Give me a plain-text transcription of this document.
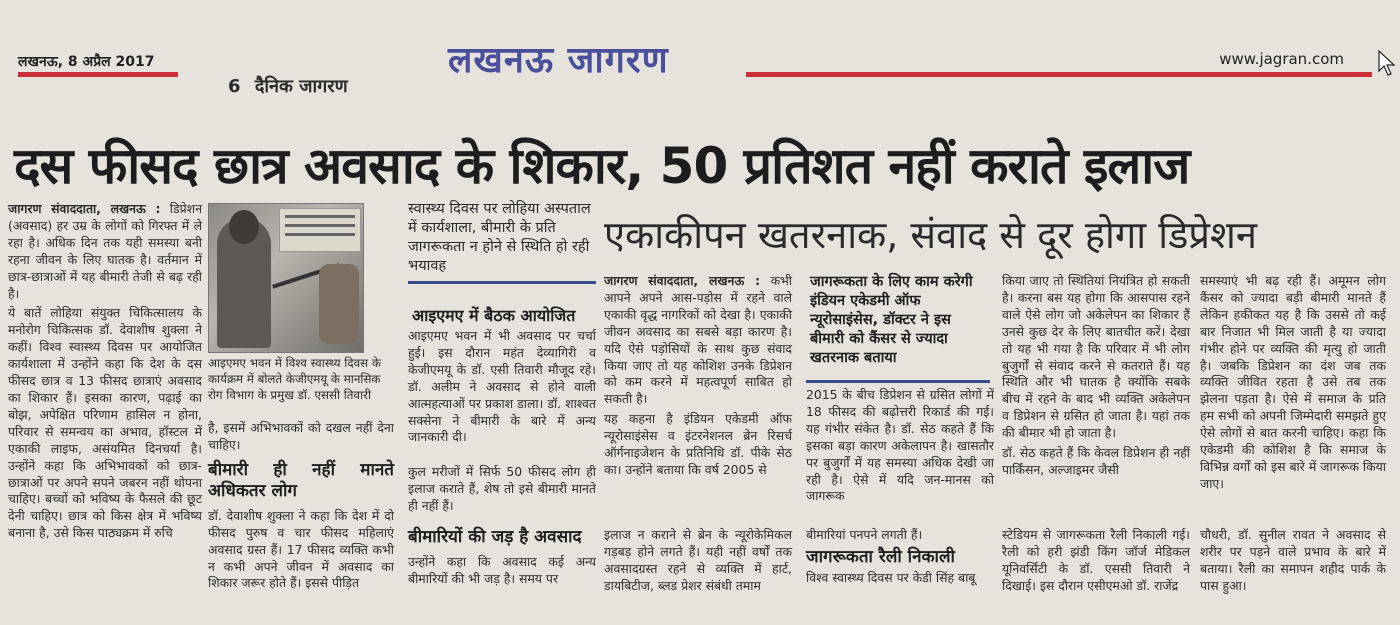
लखनऊ, 8 अप्रैल 2017	लखनऊ जागरण	www.jagran.com
6 दैनिक जागरण
दस फीसद छात्र अवसाद के शिकार, 50 प्रतिशत नहीं कराते इलाज
एकाकीपन खतरनाक, संवाद से दूर होगा डिप्रेशन

जागरण संवाददाता, लखनऊ : डिप्रेशन (अवसाद) हर उम्र के लोगों को गिरफ्त में ले रहा है। अधिक दिन तक यही समस्या बनी रहना जीवन के लिए घातक है। वर्तमान में छात्र-छात्राओं में यह बीमारी तेजी से बढ़ रही है।

ये बातें लोहिया संयुक्त चिकित्सालय के मनोरोग चिकित्सक डॉ. देवाशीष शुक्ला ने कहीं। विश्व स्वास्थ्य दिवस पर आयोजित कार्यशाला में उन्होंने कहा कि देश के दस फीसद छात्र व 13 फीसद छात्राएं अवसाद का शिकार हैं। इसका कारण, पढ़ाई का बोझ, अपेक्षित परिणाम हासिल न होना, परिवार से समन्वय का अभाव, हॉस्टल में एकाकी लाइफ, असंयमित दिनचर्या है। उन्होंने कहा कि अभिभावकों को छात्र-छात्राओं पर अपने सपने जबरन नहीं थोपना चाहिए। बच्चों को भविष्य के फैसले की छूट देनी चाहिए। छात्र को किस क्षेत्र में भविष्य बनाना है, उसे किस पाठ्यक्रम में रुचि

आइएमए भवन में विश्व स्वास्थ्य दिवस के कार्यक्रम में बोलते केजीएमयू के मानसिक रोग विभाग के प्रमुख डॉ. एससी तिवारी

है, इसमें अभिभावकों को दखल नहीं देना चाहिए।

बीमारी ही नहीं मानते अधिकतर लोग

डॉ. देवाशीष शुक्ला ने कहा कि देश में दो फीसद पुरुष व चार फीसद महिलाएं अवसाद ग्रस्त हैं। 17 फीसद व्यक्ति कभी न कभी अपने जीवन में अवसाद का शिकार जरूर होते हैं। इससे पीड़ित

स्वास्थ्य दिवस पर लोहिया अस्पताल में कार्यशाला, बीमारी के प्रति जागरूकता न होने से स्थिति हो रही भयावह
आइएमए में बैठक आयोजित

आइएमए भवन में भी अवसाद पर चर्चा हुई। इस दौरान महंत देव्यागिरी व केजीएमयू के डॉ. एसी तिवारी मौजूद रहे। डॉ. अलीम ने अवसाद से होने वाली आत्महत्याओं पर प्रकाश डाला। डॉ. शाश्वत सक्सेना ने बीमारी के बारे में अन्य जानकारी दी।

कुल मरीजों में सिर्फ 50 फीसद लोग ही इलाज कराते हैं, शेष तो इसे बीमारी मानते ही नहीं हैं।

बीमारियों की जड़ है अवसाद

उन्होंने कहा कि अवसाद कई अन्य बीमारियों की भी जड़ है। समय पर

जागरण संवाददाता, लखनऊ : कभी आपने अपने आस-पड़ोस में रहने वाले एकाकी वृद्ध नागरिकों को देखा है। एकाकी जीवन अवसाद का सबसे बड़ा कारण है। यदि ऐसे पड़ोसियों के साथ कुछ संवाद किया जाए तो यह कोशिश उनके डिप्रेशन को कम करने में महत्वपूर्ण साबित हो सकती है।

यह कहना है इंडियन एकेडमी ऑफ न्यूरोसाइंसेस व इंटरनेशनल ब्रेन रिसर्च ऑर्गनाइजेशन के प्रतिनिधि डॉ. पीके सेठ का। उन्होंने बताया कि वर्ष 2005 से

इलाज न कराने से ब्रेन के न्यूरोकेमिकल गड़बड़ होने लगते हैं। यही नहीं वर्षों तक अवसादग्रस्त रहने से व्यक्ति में हार्ट, डायबिटीज, ब्लड प्रेशर संबंधी तमाम

जागरूकता के लिए काम करेगी इंडियन एकेडमी ऑफ न्यूरोसाइंसेस, डॉक्टर ने इस बीमारी को कैंसर से ज्यादा खतरनाक बताया

2015 के बीच डिप्रेशन से ग्रसित लोगों में 18 फीसद की बढ़ोत्तरी रिकार्ड की गई। यह गंभीर संकेत है। डॉ. सेठ कहते हैं कि इसका बड़ा कारण अकेलापन है। खासतौर पर बुजुर्गों में यह समस्या अधिक देखी जा रही है। ऐसे में यदि जन-मानस को जागरूक

बीमारियां पनपने लगती हैं।

जागरूकता रैली निकाली

विश्व स्वास्थ्य दिवस पर केडी सिंह बाबू

किया जाए तो स्थितियां नियंत्रित हो सकती है। करना बस यह होगा कि आसपास रहने वाले ऐसे लोग जो अकेलेपन का शिकार हैं उनसे कुछ देर के लिए बातचीत करें। देखा तो यह भी गया है कि परिवार में भी लोग बुजुर्गों से संवाद करने से कतराते हैं। यह स्थिति और भी घातक है क्योंकि सबके बीच में रहने के बाद भी व्यक्ति अकेलेपन व डिप्रेशन से ग्रसित हो जाता है। यहां तक की बीमार भी हो जाता है।

डॉ. सेठ कहते हैं कि केवल डिप्रेशन ही नहीं पार्किंसन, अल्जाइमर जैसी

स्टेडियम से जागरूकता रैली निकाली गई। रैली को हरी झंडी किंग जॉर्ज मेडिकल यूनिवर्सिटी के डॉ. एससी तिवारी ने दिखाई। इस दौरान एसीएमओ डॉ. राजेंद्र

समस्याएं भी बढ़ रही हैं। अमूमन लोग कैंसर को ज्यादा बड़ी बीमारी मानते हैं लेकिन हकीकत यह है कि उससे तो कई बार निजात भी मिल जाती है या ज्यादा गंभीर होने पर व्यक्ति की मृत्यु हो जाती है। जबकि डिप्रेशन का दंश जब तक व्यक्ति जीवित रहता है उसे तब तक झेलना पड़ता है। ऐसे में समाज के प्रति हम सभी को अपनी जिम्मेदारी समझते हुए ऐसे लोगों से बात करनी चाहिए। कहा कि एकेडमी की कोशिश है कि समाज के विभिन्न वर्गों को इस बारे में जागरूक किया जाए।

चौधरी, डॉ. सुनील रावत ने अवसाद से शरीर पर पड़ने वाले प्रभाव के बारे में बताया। रैली का समापन शहीद पार्क के पास हुआ।
